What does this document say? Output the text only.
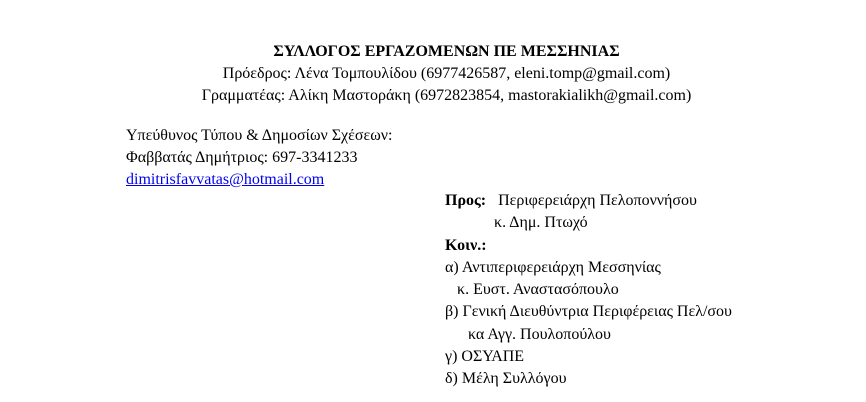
ΣΥΛΛΟΓΟΣ ΕΡΓΑΖΟΜΕΝΩΝ ΠΕ ΜΕΣΣΗΝΙΑΣ
Πρόεδρος: Λένα Τομπουλίδου (6977426587, eleni.tomp@gmail.com)
Γραμματέας: Αλίκη Μαστοράκη (6972823854, mastorakialikh@gmail.com)
Υπεύθυνος Τύπου & Δημοσίων Σχέσεων:
Φαββατάς Δημήτριος: 697-3341233
dimitrisfavvatas@hotmail.com
Προς: Περιφερειάρχη Πελοποννήσου
κ. Δημ. Πτωχό
Κοιν.:
α) Αντιπεριφερειάρχη Μεσσηνίας
κ. Ευστ. Αναστασόπουλο
β) Γενική Διευθύντρια Περιφέρειας Πελ/σου
κα Αγγ. Πουλοπούλου
γ) ΟΣΥΑΠΕ
δ) Μέλη Συλλόγου
